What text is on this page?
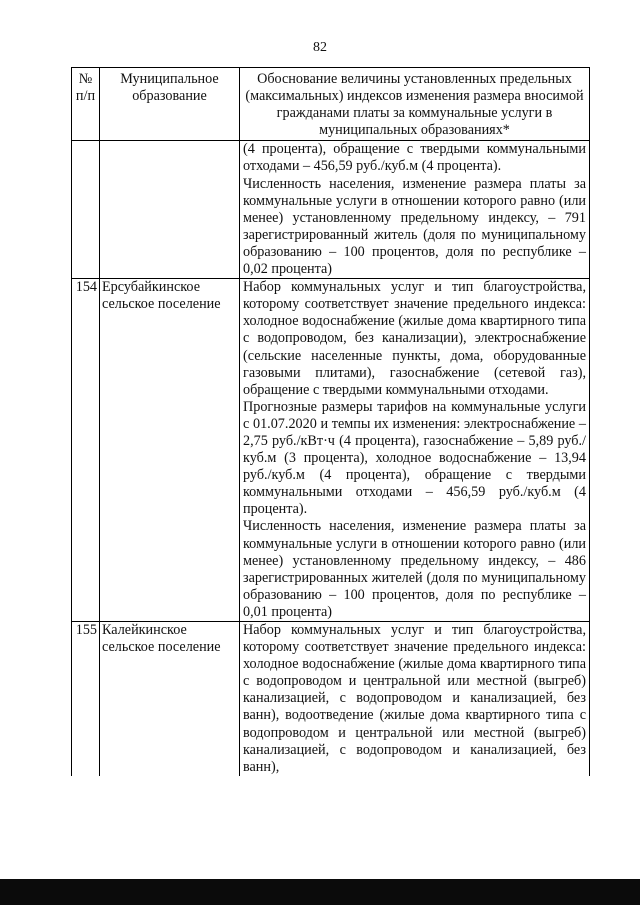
82
№ п/п	Муниципальное образование	Обоснование величины установленных предельных (максимальных) индексов изменения размера вносимой гражданами платы за коммунальные услуги в муниципальных образованиях*

		(4 процента), обращение с твердыми коммунальными отходами – 456,59 руб./куб.м (4 процента).

Численность населения, изменение размера платы за коммунальные услуги в отношении которого равно (или менее) установленному предельному индексу, – 791 зарегистрированный житель (доля по муниципальному образованию – 100 процентов, доля по республике – 0,02 процента)

154	Ерсубайкинское сельское поселение	Набор коммунальных услуг и тип благоустройства, которому соответствует значение предельного индекса: холодное водоснабжение (жилые дома квартирного типа с водопроводом, без канализации), электроснабжение (сельские населенные пункты, дома, оборудованные газовыми плитами), газоснабжение (сетевой газ), обращение с твердыми коммунальными отходами.

Прогнозные размеры тарифов на коммунальные услуги с 01.07.2020 и темпы их изменения: электроснабжение – 2,75 руб./кВт·ч (4 процента), газоснабжение – 5,89 руб./куб.м (3 процента), холодное водоснабжение – 13,94 руб./куб.м (4 процента), обращение с твердыми коммунальными отходами – 456,59 руб./куб.м (4 процента).

Численность населения, изменение размера платы за коммунальные услуги в отношении которого равно (или менее) установленному предельному индексу, – 486 зарегистрированных жителей (доля по муниципальному образованию – 100 процентов, доля по республике – 0,01 процента)

155	Калейкинское сельское поселение	Набор коммунальных услуг и тип благоустройства, которому соответствует значение предельного индекса: холодное водоснабжение (жилые дома квартирного типа с водопроводом и центральной или местной (выгреб) канализацией, с водопроводом и канализацией, без ванн), водоотведение (жилые дома квартирного типа с водопроводом и центральной или местной (выгреб) канализацией, с водопроводом и канализацией, без ванн),
